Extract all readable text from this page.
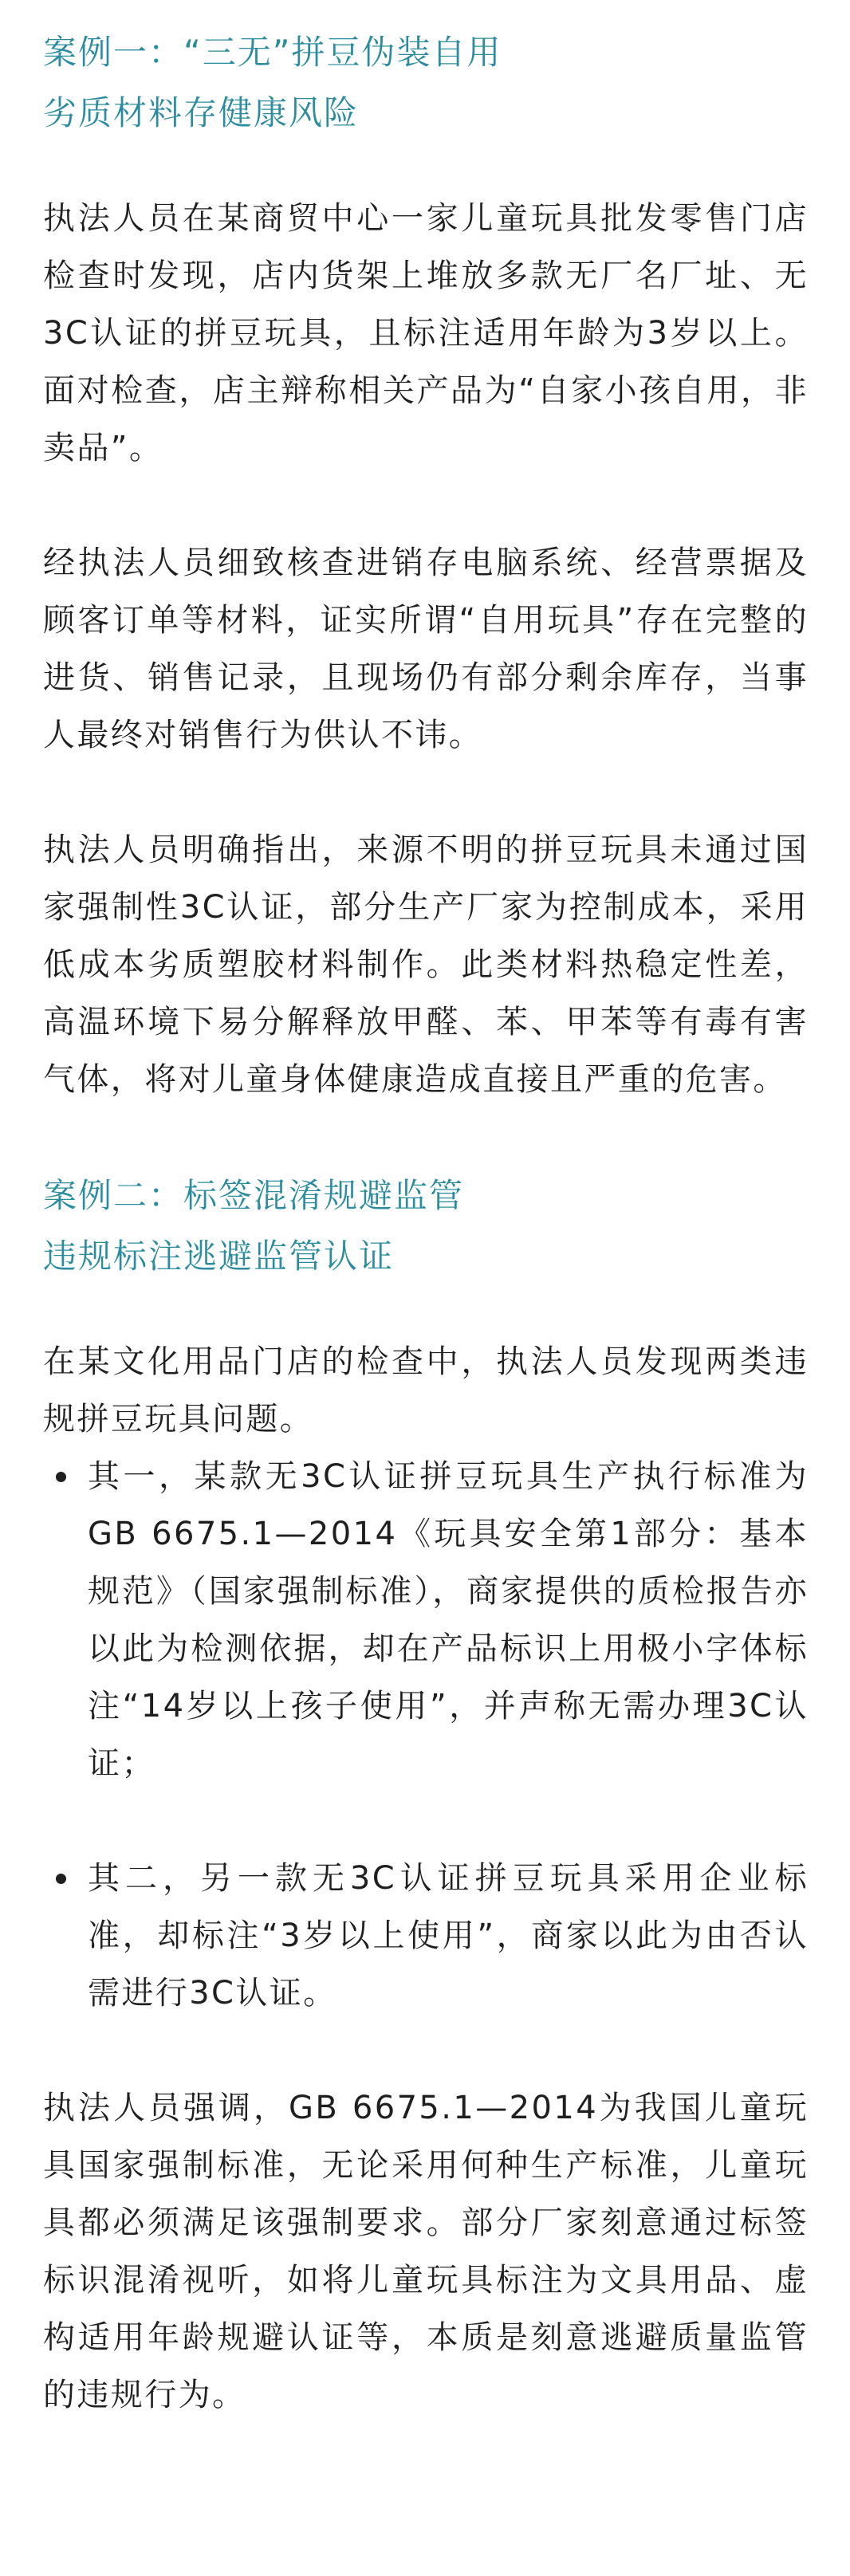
案例一：“三无”拼豆伪装自用
劣质材料存健康风险

执法人员在某商贸中心一家儿童玩具批发零售门店检查时发现，店内货架上堆放多款无厂名厂址、无3C认证的拼豆玩具，且标注适用年龄为3岁以上。面对检查，店主辩称相关产品为“自家小孩自用，非卖品”。

经执法人员细致核查进销存电脑系统、经营票据及顾客订单等材料，证实所谓“自用玩具”存在完整的进货、销售记录，且现场仍有部分剩余库存，当事人最终对销售行为供认不讳。

执法人员明确指出，来源不明的拼豆玩具未通过国家强制性3C认证，部分生产厂家为控制成本，采用低成本劣质塑胶材料制作。此类材料热稳定性差，高温环境下易分解释放甲醛、苯、甲苯等有毒有害气体，将对儿童身体健康造成直接且严重的危害。

案例二：标签混淆规避监管
违规标注逃避监管认证

在某文化用品门店的检查中，执法人员发现两类违规拼豆玩具问题。

其一，某款无3C认证拼豆玩具生产执行标准为GB 6675.1—2014《玩具安全第1部分：基本规范》（国家强制标准），商家提供的质检报告亦以此为检测依据，却在产品标识上用极小字体标注“14岁以上孩子使用”，并声称无需办理3C认证；
其二，另一款无3C认证拼豆玩具采用企业标准，却标注“3岁以上使用”，商家以此为由否认需进行3C认证。

执法人员强调，GB 6675.1—2014为我国儿童玩具国家强制标准，无论采用何种生产标准，儿童玩具都必须满足该强制要求。部分厂家刻意通过标签标识混淆视听，如将儿童玩具标注为文具用品、虚构适用年龄规避认证等，本质是刻意逃避质量监管的违规行为。
